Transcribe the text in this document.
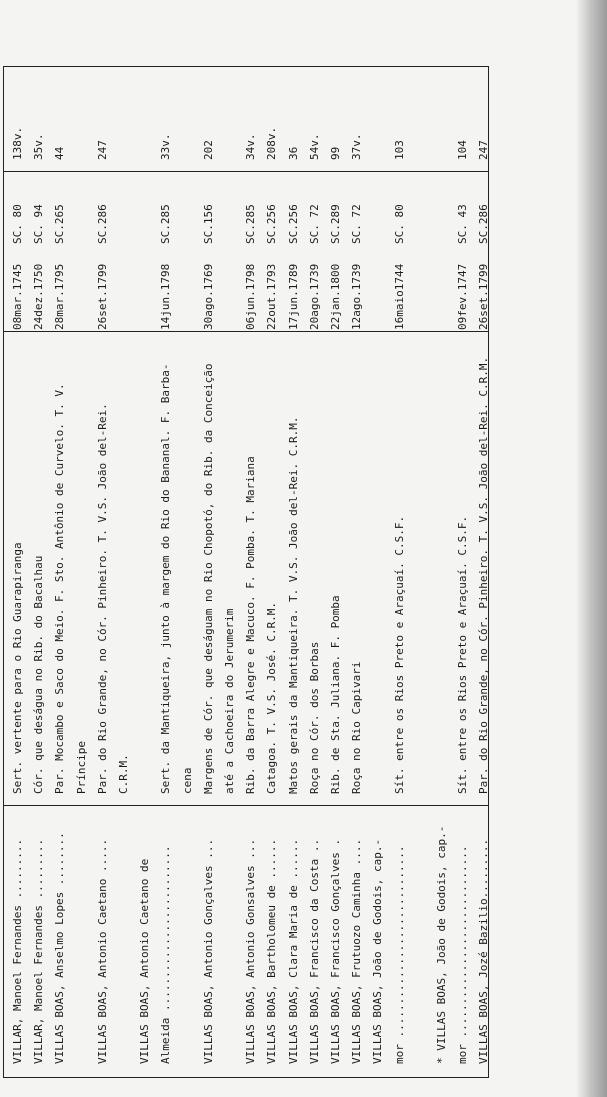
VILLAR, Manoel Fernandes .........
Sert. vertente para o Rio Guarapiranga
08mar.1745
SC. 80
138v.
VILLAR, Manoel Fernandes .........
Cór. que deságua no Rib. do Bacalhau
24dez.1750
SC. 94
35v.
VILLAS BOAS, Anselmo Lopes ........
Par. Mocambo e Saco do Meio. F. Sto. Antônio de Curvelo. T. V.
28mar.1795
SC.265
44
Príncipe
VILLAS BOAS, Antonio Caetano .....
Par. do Rio Grande, no Cór. Pinheiro. T. V.S. João del-Rei.
26set.1799
SC.286
247
C.R.M.
VILLAS BOAS, Antonio Caetano de Almeida .........................
Sert. da Mantiqueira, junto à margem do Rio do Bananal. F. Barba-
14jun.1798
SC.285
33v.
cena
VILLAS BOAS, Antonio Gonçalves ...
Margens de Cór. que deságuam no Rio Chopotó, do Rib. da Conceição
30ago.1769
SC.156
202
até a Cachoeira do Jerumerim
VILLAS BOAS, Antonio Gonsalves ...
Rib. da Barra Alegre e Macuco. F. Pomba. T. Mariana
06jun.1798
SC.285
34v.
VILLAS BOAS, Bartholomeu de ......
Catagoa. T. V.S. José. C.R.M.
22out.1793
SC.256
208v.
VILLAS BOAS, Clara Maria de ......
Matos gerais da Mantiqueira. T. V.S. João del-Rei. C.R.M.
17jun.1789
SC.256
36
VILLAS BOAS, Francisco da Costa ..
Roça no Cór. dos Borbas
20ago.1739
SC. 72
54v.
VILLAS BOAS, Francisco Gonçalves .
Rib. de Sta. Juliana. F. Pomba
22jan.1800
SC.289
99
VILLAS BOAS, Frutuozo Caminha ....
Roça no Rio Capivari
12ago.1739
SC. 72
37v.
VILLAS BOAS, João de Godois, cap.- mor .............................
Sít. entre os Rios Preto e Araçuaí. C.S.F.
16maio1744
SC. 80
103
* VILLAS BOAS, João de Godois, cap.- mor .............................
Sít. entre os Rios Preto e Araçuaí. C.S.F.
09fev.1747
SC. 43
104
VILLAS BOAS, Jozé Bazilio.........
Par. do Rio Grande, no Cór. Pinheiro. T. V.S. João del-Rei. C.R.M.
26set.1799
SC.286
247
